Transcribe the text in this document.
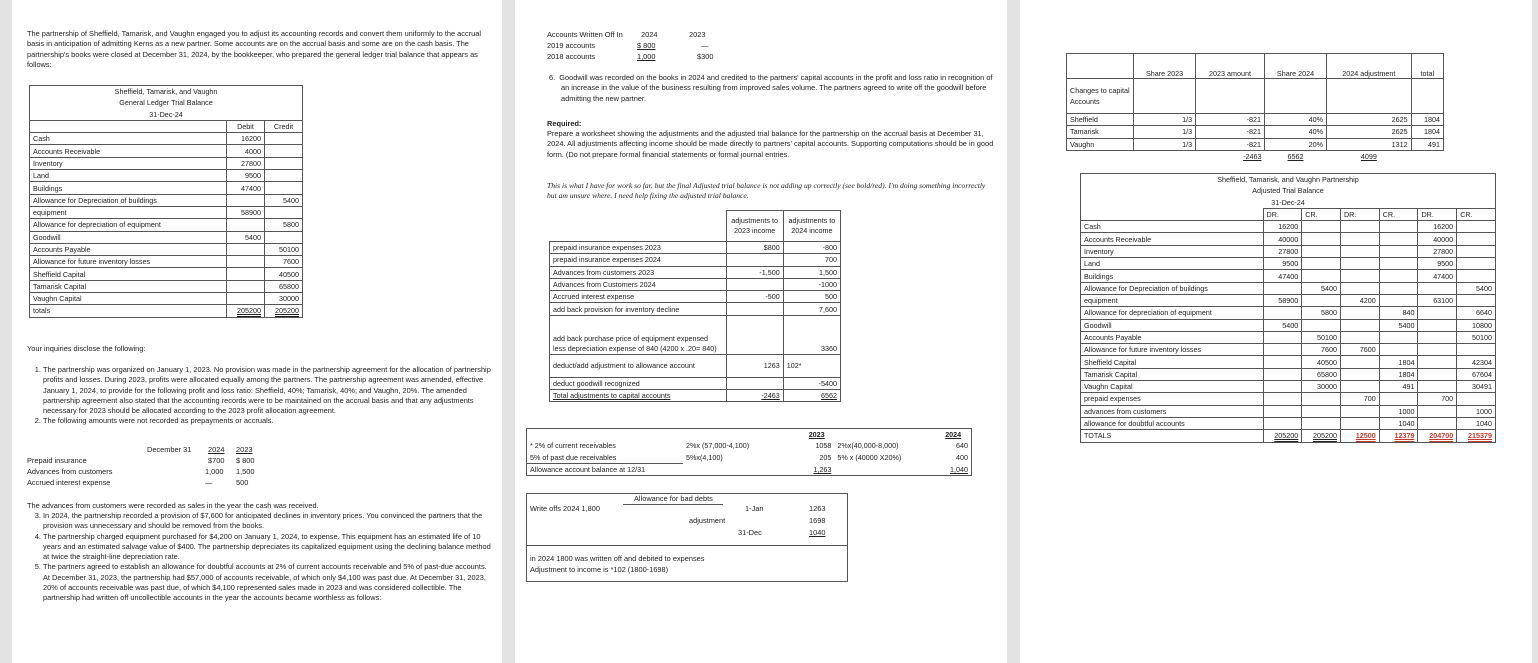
The partnership of Sheffield, Tamarisk, and Vaughn engaged you to adjust its accounting records and convert them uniformly to the accrual basis in anticipation of admitting Kerns as a new partner. Some accounts are on the accrual basis and some are on the cash basis. The partnership's books were closed at December 31, 2024, by the bookkeeper, who prepared the general ledger trial balance that appears as follows:
Sheffield, Tamarisk, and Vaughn		
General Ledger Trial Balance		
31-Dec-24		
	Debit	Credit
Cash	16200	
Accounts Receivable	4000	
Inventory	27800	
Land	9500	
Buildings	47400	
Allowance for Depreciation of buildings		5400
equipment	58900	
Allowance for depreciation of equipment		5800
Goodwill	5400	
Accounts Payable		50100
Allowance for future inventory losses		7600
Sheffield Capital		40500
Tamarisk Capital		65800
Vaughn Capital		30000
totals	205200	205200
Your inquiries disclose the following:
1. The partnership was organized on January 1, 2023. No provision was made in the partnership agreement for the allocation of partnership profits and losses. During 2023, profits were allocated equally among the partners. The partnership agreement was amended, effective January 1, 2024, to provide for the following profit and loss ratio: Sheffield, 40%; Tamarisk, 40%; and Vaughn, 20%. The amended partnership agreement also stated that the accounting records were to be maintained on the accrual basis and that any adjustments necessary for 2023 should be allocated according to the 2023 profit allocation agreement.
2. The following amounts were not recorded as prepayments or accruals.
December 31 2024 2023
Prepaid insurance	$700 $ 800
Advances from customers	1,000 1,500
Accrued interest expense	—	500
The advances from customers were recorded as sales in the year the cash was received.
3. In 2024, the partnership recorded a provision of $7,600 for anticipated declines in inventory prices. You convinced the partners that the provision was unnecessary and should be removed from the books.
4. The partnership charged equipment purchased for $4,200 on January 1, 2024, to expense. This equipment has an estimated life of 10 years and an estimated salvage value of $400. The partnership depreciates its capitalized equipment using the declining balance method at twice the straight-line depreciation rate.
5. The partners agreed to establish an allowance for doubtful accounts at 2% of current accounts receivable and 5% of past-due accounts. At December 31, 2023, the partnership had $57,000 of accounts receivable, of which only $4,100 was past due. At December 31, 2023, 20% of accounts receivable was past due, of which $4,100 represented sales made in 2023 and was considered collectible. The partnership had written off uncollectible accounts in the year the accounts became worthless as follows:
Accounts Written Off In 2024	2023
2019 accounts	$ 800	—
2018 accounts	1,000	$300
6.  Goodwill was recorded on the books in 2024 and credited to the partners' capital accounts in the profit and loss ratio in recognition of an increase in the value of the business resulting from improved sales volume. The partners agreed to write off the goodwill before admitting the new partner.
Required:
Prepare a worksheet showing the adjustments and the adjusted trial balance for the partnership on the accrual basis at December 31, 2024. All adjustments affecting income should be made directly to partners' capital accounts. Supporting computations should be in good form. (Do not prepare formal financial statements or formal journal entries.
This is what I have for work so far, but the final Adjusted trial balance is not adding up correctly (see bold/red). I'm doing something incorrectly but am unsure where. I need help fixing the adjusted trial balance.
	adjustments to 2023 income	adjustments to 2024 income
prepaid insurance expenses 2023	$800	-800
prepaid insurance expenses 2024		700
Advances from customers 2023	-1,500	1,500
Advances from Customers 2024		-1000
Accrued interest expense	-500	500
add back provision for inventory decline		7,600
add back purchase price of equipment expensed less depreciation expense of 840 (4200 x .20= 840)		3360
deduct/add adjustment to allowance account	1263	102*
deduct goodwill recognized		-5400
Total adjustments to capital accounts	-2463	6562
		2023		2024
* 2% of current receivables	2%x (57,000-4,100)	1058	2%x(40,000-8,000)	640
5% of past due receivables	5%x(4,100)	205	5% x (40000 X20%)	400
Allowance account balance at 12/31		1,263		1,040
Allowance for bad debts
Write offs 2024 1,800	1-Jan	1263
adjustment	1698
31-Dec	1040
in 2024 1800 was written off and debited to expenses
Adjustment to income is *102 (1800-1698)
	Share 2023	2023 amount	Share 2024	2024 adjustment	total
Changes to capital Accounts					
Sheffield	1/3	-821	40%	2625	1804
Tamarisk	1/3	-821	40%	2625	1804
Vaughn	1/3	-821	20%	1312	491
		-2463	6562	4099	
Sheffield, Tamarisk, and Vaughn Partnership						
Adjusted Trial Balance						
31-Dec-24						
	DR.	CR.	DR.	CR.	DR.	CR.
Cash	16200				16200	
Accounts Receivable	40000				40000	
Inventory	27800				27800	
Land	9500				9500	
Buildings	47400				47400	
Allowance for Depreciation of buildings		5400				5400
equipment	58900		4200		63100	
Allowance for depreciation of equipment		5800		840		6640
Goodwill	5400			5400		10800
Accounts Payable		50100				50100
Allowance for future inventory losses		7600	7600			
Sheffield Capital		40500		1804		42304
Tamarisk Capital		65800		1804		67604
Vaughn Capital		30000		491		30491
prepaid expenses			700		700	
advances from customers				1000		1000
allowance for doubtful accounts				1040		1040
TOTALS	205200	205200	12500	12379	204700	215379
